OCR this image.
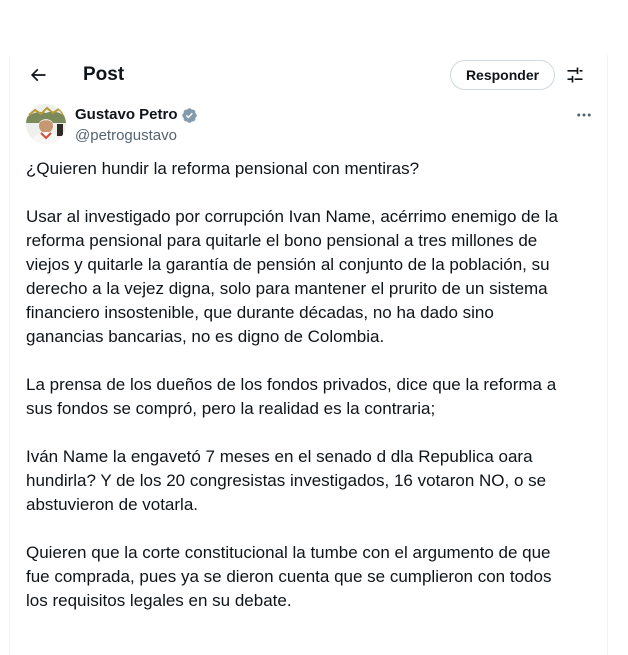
Post	Responder
Gustavo Petro
@petrogustavo

¿Quieren hundir la reforma pensional con mentiras?

Usar al investigado por corrupción Ivan Name, acérrimo enemigo de la
reforma pensional para quitarle el bono pensional a tres millones de
viejos y quitarle la garantía de pensión al conjunto de la población, su
derecho a la vejez digna, solo para mantener el prurito de un sistema
financiero insostenible, que durante décadas, no ha dado sino
ganancias bancarias, no es digno de Colombia.

La prensa de los dueños de los fondos privados, dice que la reforma a
sus fondos se compró, pero la realidad es la contraria;

Iván Name la engavetó 7 meses en el senado d dla Republica oara
hundirla? Y de los 20 congresistas investigados, 16 votaron NO, o se
abstuvieron de votarla.

Quieren que la corte constitucional la tumbe con el argumento de que
fue comprada, pues ya se dieron cuenta que se cumplieron con todos
los requisitos legales en su debate.
